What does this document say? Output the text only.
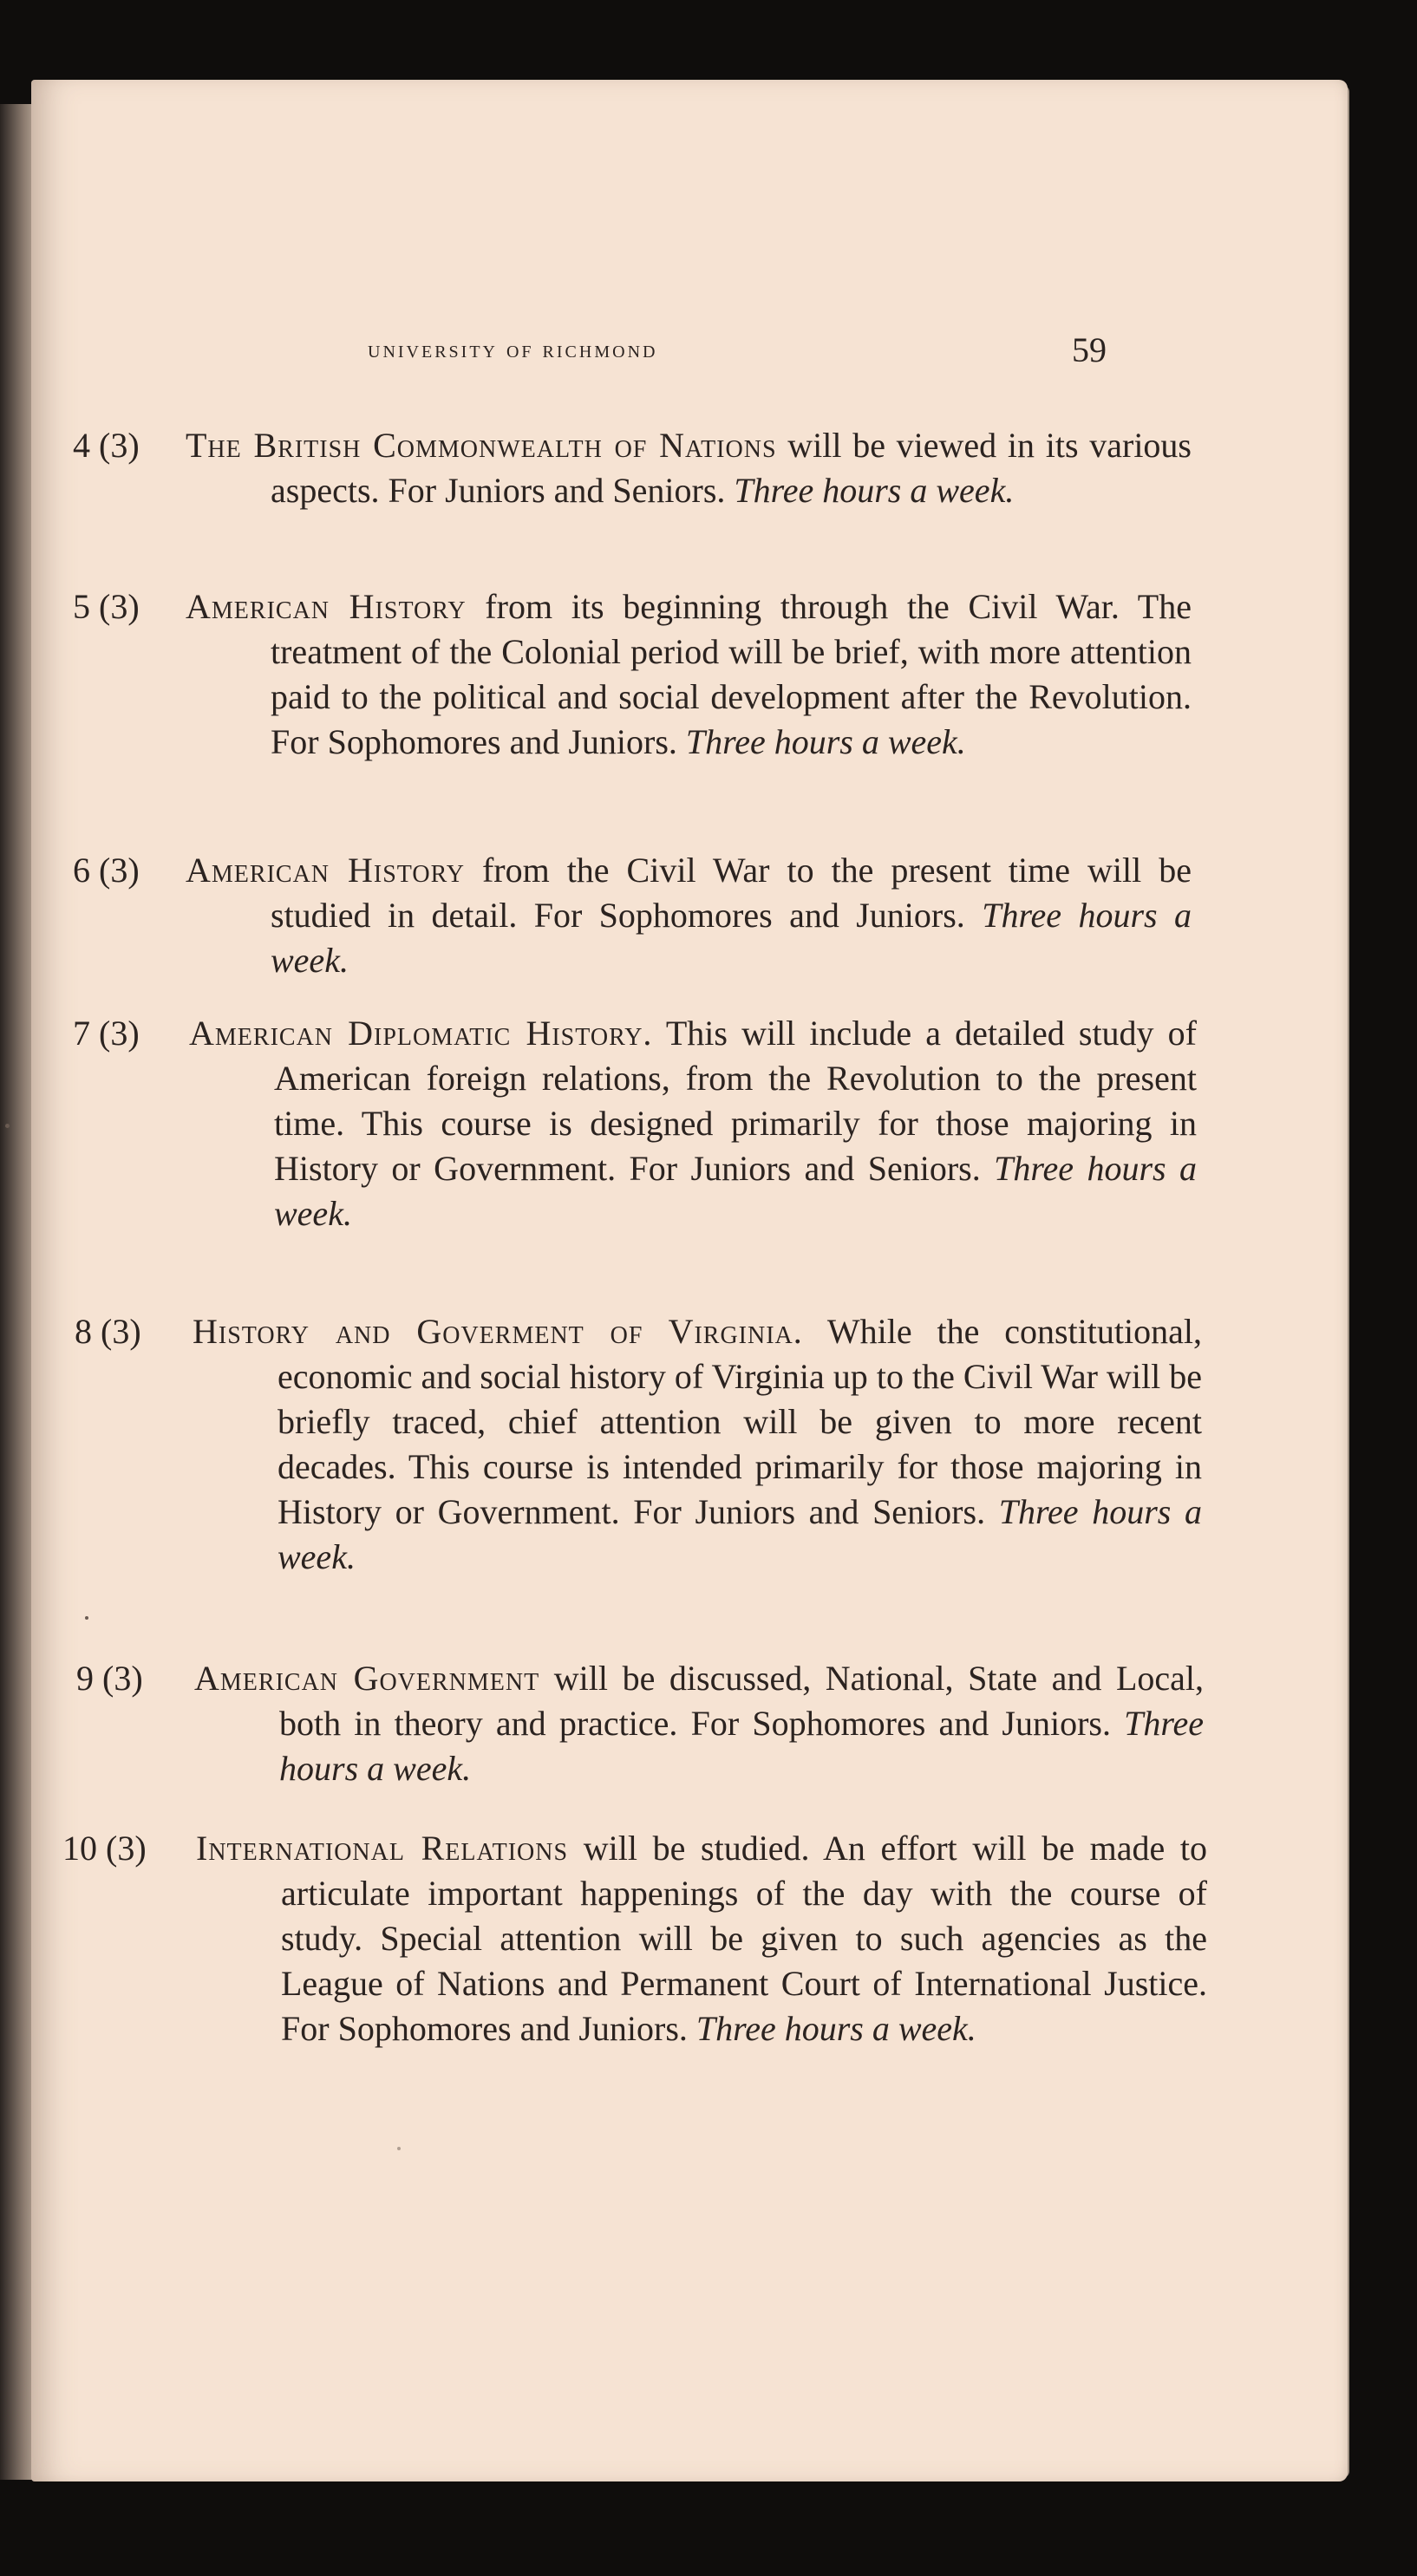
university of richmond	59
4 (3) The British Commonwealth of Nations will be viewed in its various aspects. For Juniors and Seniors. Three hours a week.
5 (3) American History from its beginning through the Civil War. The treatment of the Colonial period will be brief, with more attention paid to the political and social development after the Revolution. For Sophomores and Juniors. Three hours a week.
6 (3) American History from the Civil War to the present time will be studied in detail. For Sophomores and Juniors. Three hours a week.
7 (3) American Diplomatic History. This will include a detailed study of American foreign relations, from the Revolution to the present time. This course is designed primarily for those majoring in History or Government. For Juniors and Seniors. Three hours a week.
8 (3) History and Goverment of Virginia. While the constitutional, economic and social history of Virginia up to the Civil War will be briefly traced, chief attention will be given to more recent decades. This course is intended primarily for those majoring in History or Government. For Juniors and Seniors. Three hours a week.
9 (3) American Government will be discussed, National, State and Local, both in theory and practice. For Sophomores and Juniors. Three hours a week.
10 (3) International Relations will be studied. An effort will be made to articulate important happenings of the day with the course of study. Special attention will be given to such agencies as the League of Nations and Permanent Court of International Justice. For Sophomores and Juniors. Three hours a week.
